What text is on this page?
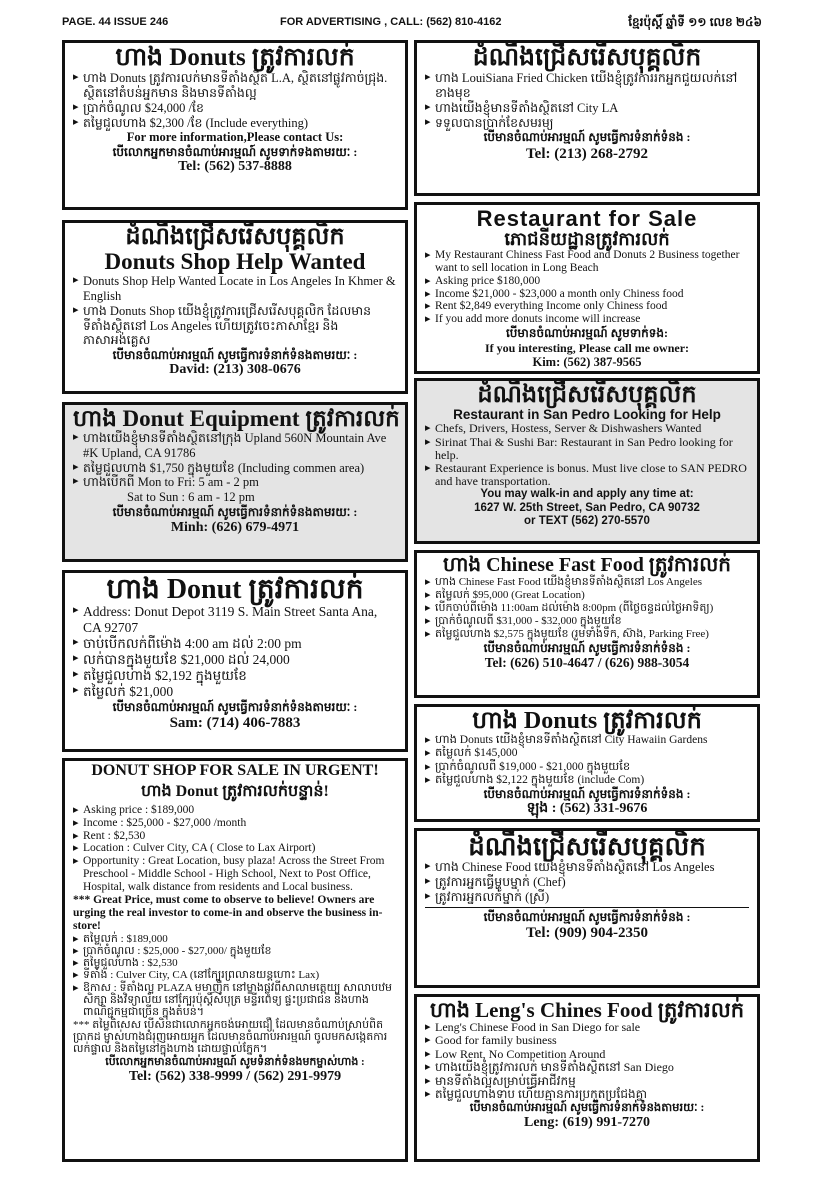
PAGE. 44 ISSUE 246	FOR ADVERTISING , CALL: (562) 810-4162	ខ្មែរប៉ុស្ដិ៍ ឆ្នាំទី ១១ លេខ ២៤៦
ហាង Donuts ត្រូវការលក់
▸ ហាង Donuts ត្រូវការលក់មានទីតាំងស្ថិត L.A, ស្ថិតនៅផ្លូវកាច់ជ្រុង. ស្ថិតនៅតំបន់អ្នកមាន និងមានទីតាំងល្អ
▸ ប្រាក់ចំណូល $24,000 /ខែ
▸ តម្លៃជួលហាង $2,300 /ខែ (Include everything)
For more information,Please contact Us:
បើលោកអ្នកមានចំណាប់អារម្មណ៍ សូមទាក់ទងតាមរយៈ :
Tel: (562) 537-8888
ដំណឹងជ្រើសរើសបុគ្គលិក
Donuts Shop Help Wanted
▸ Donuts Shop Help Wanted Locate in Los Angeles In Khmer & English
▸ ហាង Donuts Shop យើងខ្ញុំត្រូវការជ្រើសរើសបុគ្គលិក ដែលមានទីតាំងស្ថិតនៅ Los Angeles ហើយត្រូវចេះភាសាខ្មែរ និងភាសាអង់គ្លេស
បើមានចំណាប់អារម្មណ៍ សូមធ្វើការទំនាក់ទំនងតាមរយៈ :
David: (213) 308-0676
ហាង Donut Equipment ត្រូវការលក់
▸ ហាងយើងខ្ញុំមានទីតាំងស្ថិតនៅក្រុង Upland 560N Mountain Ave #K Upland, CA 91786
▸ តម្លៃជួលហាង $1,750 ក្នុងមួយខែ (Including commen area)
▸ ហាងបើកពី Mon to Fri: 5 am - 2 pm
Sat to Sun : 6 am - 12 pm
បើមានចំណាប់អារម្មណ៍ សូមធ្វើការទំនាក់ទំនងតាមរយៈ :
Minh: (626) 679-4971
ហាង Donut ត្រូវការលក់
▸ Address: Donut Depot 3119 S. Main Street Santa Ana, CA 92707
▸ ចាប់បើកលក់ពីម៉ោង 4:00 am ដល់ 2:00 pm
▸ លក់បានក្នុងមួយខែ $21,000 ដល់ 24,000
▸ តម្លៃជួលហាង $2,192 ក្នុងមួយខែ
▸ តម្លៃលក់ $21,000
បើមានចំណាប់អារម្មណ៍ សូមធ្វើការទំនាក់ទំនងតាមរយៈ :
Sam: (714) 406-7883
DONUT SHOP FOR SALE IN URGENT!
ហាង Donut ត្រូវការលក់បន្ទាន់!
▸ Asking price : $189,000
▸ Income : $25,000 - $27,000 /month
▸ Rent : $2,530
▸ Location : Culver City, CA ( Close to Lax Airport)
▸ Opportunity : Great Location, busy plaza! Across the Street From Preschool - Middle School - High School, Next to Post Office, Hospital, walk distance from residents and Local business.
*** Great Price, must come to observe to believe! Owners are urging the real investor to come-in and observe the business in-store!
▸ តម្លៃលក់ : $189,000
▸ ប្រាក់ចំណូល : $25,000 - $27,000/ ក្នុងមួយខែ
▸ តម្លៃជួលហាង : $2,530
▸ ទីតាំង : Culver City, CA (នៅក្បែរព្រលានយន្តហោះ Lax)
▸ ឱកាស : ទីតាំងល្អ PLAZA មមាញឹក នៅម្ខាងផ្លូវពីសាលាមត្តេយ្យ សាលាបឋមសិក្សា និងវិទ្យាល័យ នៅក្បែរប៉ុស្ដិ៍សំបុត្រ មន្ទីរពេទ្យ ផ្ទះប្រជាជន និងហាងពាណិជ្ជកម្មជាច្រើន ក្នុងតំបន់។
*** តម្លៃពិសេស បើសិនជាលោកអ្នកចង់អោយជឿ ដែលមានចំណាប់ស្រាប់ពិតប្រាកដ ម្ចាស់ហាងជំរុញអោយអ្នក ដែលមានចំណាប់អារម្មណ៍ ចូលមកសង្កេតការលក់ផ្ទាល់ និងតម្លៃនៅក្នុងហាង ដោយផ្ទាល់ភ្នែក។
បើលោកអ្នកមានចំណាប់អារម្មណ៍ សូមទំនាក់ទំនងមកម្ចាស់ហាង :
Tel: (562) 338-9999 / (562) 291-9979
ដំណឹងជ្រើសរើសបុគ្គលិក
▸ ហាង LouiSiana Fried Chicken យើងខ្ញុំត្រូវការរកអ្នកជួយលក់នៅខាងមុខ
▸ ហាងយើងខ្ញុំមានទីតាំងស្ថិតនៅ City LA
▸ ទទួលបានប្រាក់ខែសមរម្យ
បើមានចំណាប់អារម្មណ៍ សូមធ្វើការទំនាក់ទំនង :
Tel: (213) 268-2792
Restaurant for Sale
ភោជនីយដ្ឋានត្រូវការលក់
▸ My Restaurant Chiness Fast Food and Donuts 2 Business together want to sell location in Long Beach
▸ Asking price $180,000
▸ Income $21,000 - $23,000 a month only Chiness food
▸ Rent $2,849 everything Income only Chiness food
▸ If you add more donuts income will increase
បើមានចំណាប់អារម្មណ៍ សូមទាក់ទង:
If you interesting, Please call me owner:
Kim: (562) 387-9565
ដំណឹងជ្រើសរើសបុគ្គលិក
Restaurant in San Pedro Looking for Help
▸ Chefs, Drivers, Hostess, Server & Dishwashers Wanted
▸ Sirinat Thai & Sushi Bar: Restaurant in San Pedro looking for help.
▸ Restaurant Experience is bonus. Must live close to SAN PEDRO and have transportation.
You may walk-in and apply any time at:
1627 W. 25th Street, San Pedro, CA 90732
or TEXT (562) 270-5570
ហាង Chinese Fast Food ត្រូវការលក់
▸ ហាង Chinese Fast Food យើងខ្ញុំមានទីតាំងស្ថិតនៅ Los Angeles
▸ តម្លៃលក់ $95,000 (Great Location)
▸ បើកចាប់ពីម៉ោង 11:00am ដល់ម៉ោង 8:00pm (ពីថ្ងៃចន្ទដល់ថ្ងៃអាទិត្យ)
▸ ប្រាក់ចំណូលពី $31,000 - $32,000 ក្នុងមួយខែ
▸ តម្លៃជួលហាង $2,575 ក្នុងមួយខែ (រួមទាំងទឹក, ស៊ាង, Parking Free)
បើមានចំណាប់អារម្មណ៍ សូមធ្វើការទំនាក់ទំនង :
Tel: (626) 510-4647 / (626) 988-3054
ហាង Donuts ត្រូវការលក់
▸ ហាង Donuts យើងខ្ញុំមានទីតាំងស្ថិតនៅ City Hawaiin Gardens
▸ តម្លៃលក់ $145,000
▸ ប្រាក់ចំណូលពី $19,000 - $21,000 ក្នុងមួយខែ
▸ តម្លៃជួលហាង $2,122 ក្នុងមួយខែ (include Com)
បើមានចំណាប់អារម្មណ៍ សូមធ្វើការទំនាក់ទំនង :
ឡុង : (562) 331-9676
ដំណឹងជ្រើសរើសបុគ្គលិក
▸ ហាង Chinese Food យើងខ្ញុំមានទីតាំងស្ថិតនៅ Los Angeles
▸ ត្រូវការអ្នកធ្វើម្ហូបម្នាក់ (Chef)
▸ ត្រូវការអ្នកលក់ម្នាក់ (ស្រី)
បើមានចំណាប់អារម្មណ៍ សូមធ្វើការទំនាក់ទំនង :
Tel: (909) 904-2350
ហាង Leng's Chines Food ត្រូវការលក់
▸ Leng's Chinese Food in San Diego for sale
▸ Good for family business
▸ Low Rent, No Competition Around
▸ ហាងយើងខ្ញុំត្រូវការលក់ មានទីតាំងស្ថិតនៅ San Diego
▸ មានទីតាំងល្អសម្រាប់ធ្វើអាជីវកម្ម
▸ តម្លៃជួលហាងទាប ហើយគ្មានការប្រកួតប្រជែងគ្នា
បើមានចំណាប់អារម្មណ៍ សូមធ្វើការទំនាក់ទំនងតាមរយៈ :
Leng: (619) 991-7270
